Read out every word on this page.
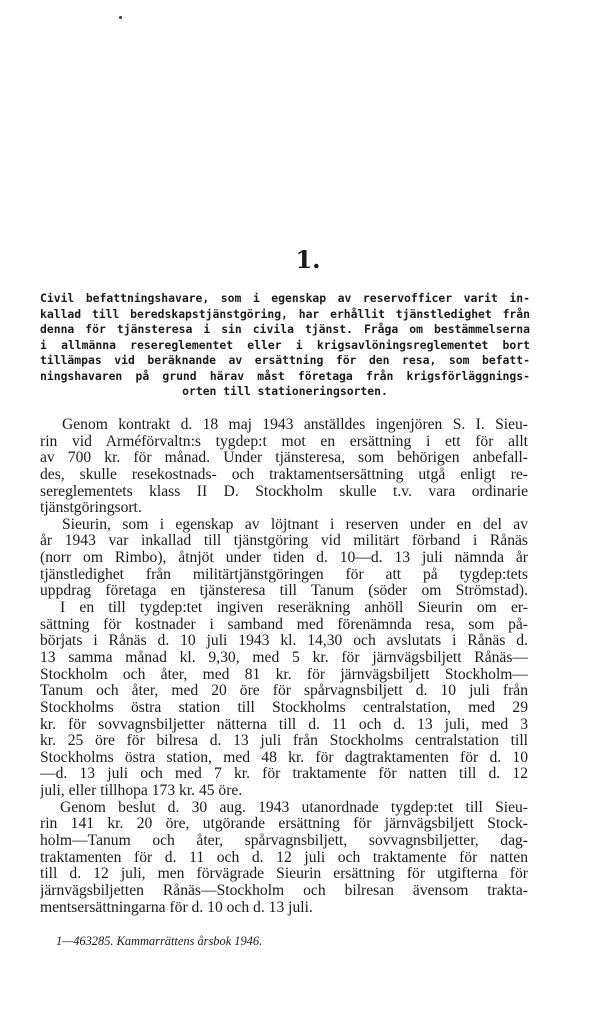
1.
Civil befattningshavare, som i egenskap av reservofficer varit in-
kallad till beredskapstjänstgöring, har erhållit tjänstledighet från
denna för tjänsteresa i sin civila tjänst. Fråga om bestämmelserna
i allmänna resereglementet eller i krigsavlöningsreglementet bort
tillämpas vid beräknande av ersättning för den resa, som befatt-
ningshavaren på grund härav måst företaga från krigsförläggnings-
orten till stationeringsorten.
Genom kontrakt d. 18 maj 1943 anställdes ingenjören S. I. Sieu-
rin vid Arméförvaltn:s tygdep:t mot en ersättning i ett för allt
av 700 kr. för månad. Under tjänsteresa, som behörigen anbefall-
des, skulle resekostnads- och traktamentsersättning utgå enligt re-
sereglementets klass II D. Stockholm skulle t.v. vara ordinarie
tjänstgöringsort.
Sieurin, som i egenskap av löjtnant i reserven under en del av
år 1943 var inkallad till tjänstgöring vid militärt förband i Rånäs
(norr om Rimbo), åtnjöt under tiden d. 10—d. 13 juli nämnda år
tjänstledighet från militärtjänstgöringen för att på tygdep:tets
uppdrag företaga en tjänsteresa till Tanum (söder om Strömstad).
I en till tygdep:tet ingiven reseräkning anhöll Sieurin om er-
sättning för kostnader i samband med förenämnda resa, som på-
börjats i Rånäs d. 10 juli 1943 kl. 14,30 och avslutats i Rånäs d.
13 samma månad kl. 9,30, med 5 kr. för järnvägsbiljett Rånäs—
Stockholm och åter, med 81 kr. för järnvägsbiljett Stockholm—
Tanum och åter, med 20 öre för spårvagnsbiljett d. 10 juli från
Stockholms östra station till Stockholms centralstation, med 29
kr. för sovvagnsbiljetter nätterna till d. 11 och d. 13 juli, med 3
kr. 25 öre för bilresa d. 13 juli från Stockholms centralstation till
Stockholms östra station, med 48 kr. för dagtraktamenten för d. 10
—d. 13 juli och med 7 kr. för traktamente för natten till d. 12
juli, eller tillhopa 173 kr. 45 öre.
Genom beslut d. 30 aug. 1943 utanordnade tygdep:tet till Sieu-
rin 141 kr. 20 öre, utgörande ersättning för järnvägsbiljett Stock-
holm—Tanum och åter, spårvagnsbiljett, sovvagnsbiljetter, dag-
traktamenten för d. 11 och d. 12 juli och traktamente för natten
till d. 12 juli, men förvägrade Sieurin ersättning för utgifterna för
järnvägsbiljetten Rånäs—Stockholm och bilresan ävensom trakta-
mentsersättningarna för d. 10 och d. 13 juli.
1—463285. Kammarrättens årsbok 1946.
